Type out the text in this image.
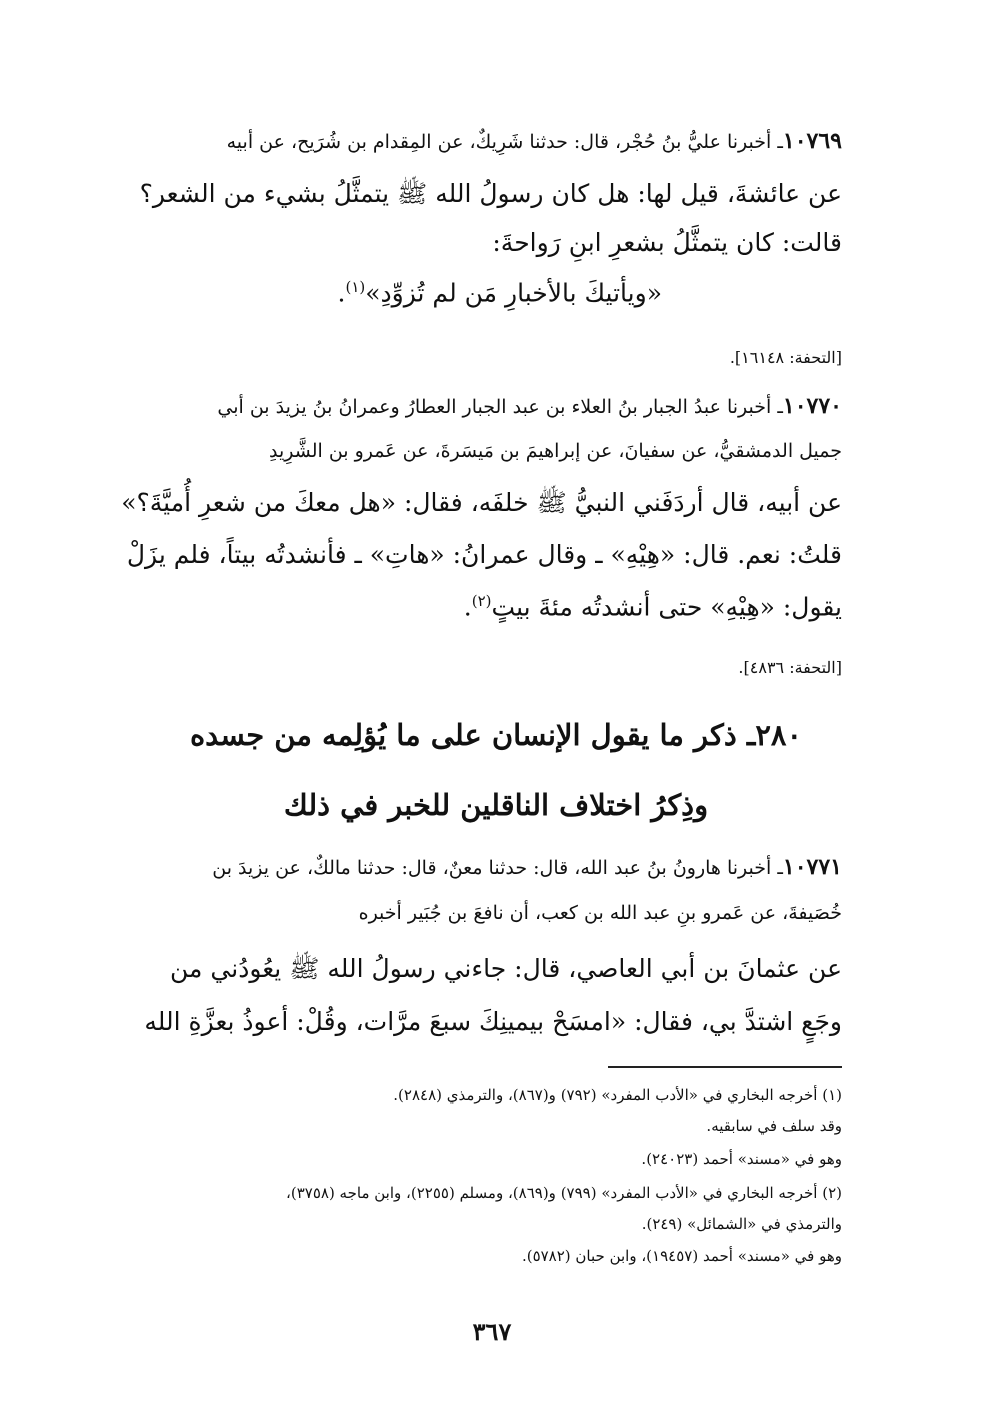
١٠٧٦٩ـ أخبرنا عليُّ بنُ حُجْر، قال: حدثنا شَرِيكٌ، عن المِقدام بن شُرَيح، عن أبيه
عن عائشةَ، قيل لها: هل كان رسولُ الله ﷺ يتمثَّلُ بشيء من الشعر؟
قالت: كان يتمثَّلُ بشعرِ ابنِ رَواحةَ:
«ويأتيكَ بالأخبارِ مَن لم تُزوِّدِ»$^{(١)}$.
[التحفة: ١٦١٤٨].
١٠٧٧٠ـ أخبرنا عبدُ الجبار بنُ العلاء بن عبد الجبار العطارُ وعمرانُ بنُ يزيدَ بن أبي
جميل الدمشقيُّ، عن سفيانَ، عن إبراهيمَ بن مَيسَرةَ، عن عَمرو بن الشَّرِيدِ
عن أبيه، قال أردَفَني النبيُّ ﷺ خلفَه، فقال: «هل معكَ من شعرِ أُميَّةَ؟»
قلتُ: نعم. قال: «هِيْهِ» ـ وقال عمرانُ: «هاتِ» ـ فأنشدتُه بيتاً، فلم يزَلْ
يقول: «هِيْهِ» حتى أنشدتُه مئةَ بيتٍ$^{(٢)}$.
[التحفة: ٤٨٣٦].
٢٨٠ـ ذكر ما يقول الإنسان على ما يُؤلِمه من جسده
وذِكرُ اختلاف الناقلين للخبر في ذلك
١٠٧٧١ـ أخبرنا هارونُ بنُ عبد الله، قال: حدثنا معنٌ، قال: حدثنا مالكٌ، عن يزيدَ بن
خُصَيفةَ، عن عَمرو بنِ عبد الله بن كعب، أن نافعَ بن جُبَير أخبره
عن عثمانَ بن أبي العاصي، قال: جاءني رسولُ الله ﷺ يعُودُني من
وجَعٍ اشتدَّ بي، فقال: «امسَحْ بيمينِكَ سبعَ مرَّات، وقُلْ: أعوذُ بعزَّةِ الله
(١) أخرجه البخاري في «الأدب المفرد» (٧٩٢) و(٨٦٧)، والترمذي (٢٨٤٨).
وقد سلف في سابقيه.
وهو في «مسند» أحمد (٢٤٠٢٣).
(٢) أخرجه البخاري في «الأدب المفرد» (٧٩٩) و(٨٦٩)، ومسلم (٢٢٥٥)، وابن ماجه (٣٧٥٨)،
والترمذي في «الشمائل» (٢٤٩).
وهو في «مسند» أحمد (١٩٤٥٧)، وابن حبان (٥٧٨٢).
٣٦٧
